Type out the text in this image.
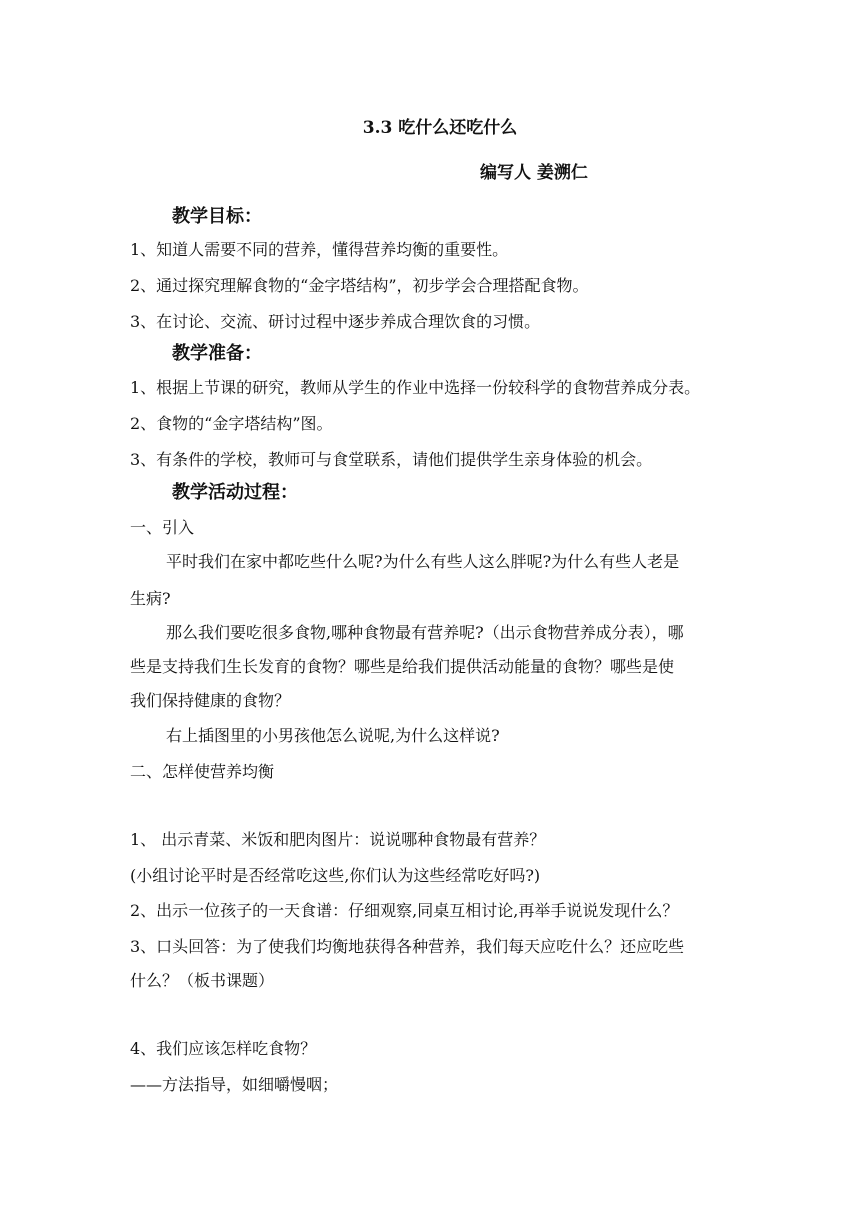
3.3 吃什么还吃什么
编写人 姜溯仁
教学目标：
1、知道人需要不同的营养，懂得营养均衡的重要性。
2、通过探究理解食物的“金字塔结构”，初步学会合理搭配食物。
3、在讨论、交流、研讨过程中逐步养成合理饮食的习惯。
教学准备：
1、根据上节课的研究，教师从学生的作业中选择一份较科学的食物营养成分表。
2、食物的“金字塔结构”图。
3、有条件的学校，教师可与食堂联系，请他们提供学生亲身体验的机会。
教学活动过程：
一、引入
平时我们在家中都吃些什么呢?为什么有些人这么胖呢?为什么有些人老是
生病?
那么我们要吃很多食物,哪种食物最有营养呢?（出示食物营养成分表），哪
些是支持我们生长发育的食物？哪些是给我们提供活动能量的食物？哪些是使
我们保持健康的食物？
右上插图里的小男孩他怎么说呢,为什么这样说?
二、怎样使营养均衡
1、 出示青菜、米饭和肥肉图片：说说哪种食物最有营养？
(小组讨论平时是否经常吃这些,你们认为这些经常吃好吗?)
2、出示一位孩子的一天食谱：仔细观察,同桌互相讨论,再举手说说发现什么？
3、口头回答：为了使我们均衡地获得各种营养，我们每天应吃什么？还应吃些
什么？（板书课题）
4、我们应该怎样吃食物？
——方法指导，如细嚼慢咽；
